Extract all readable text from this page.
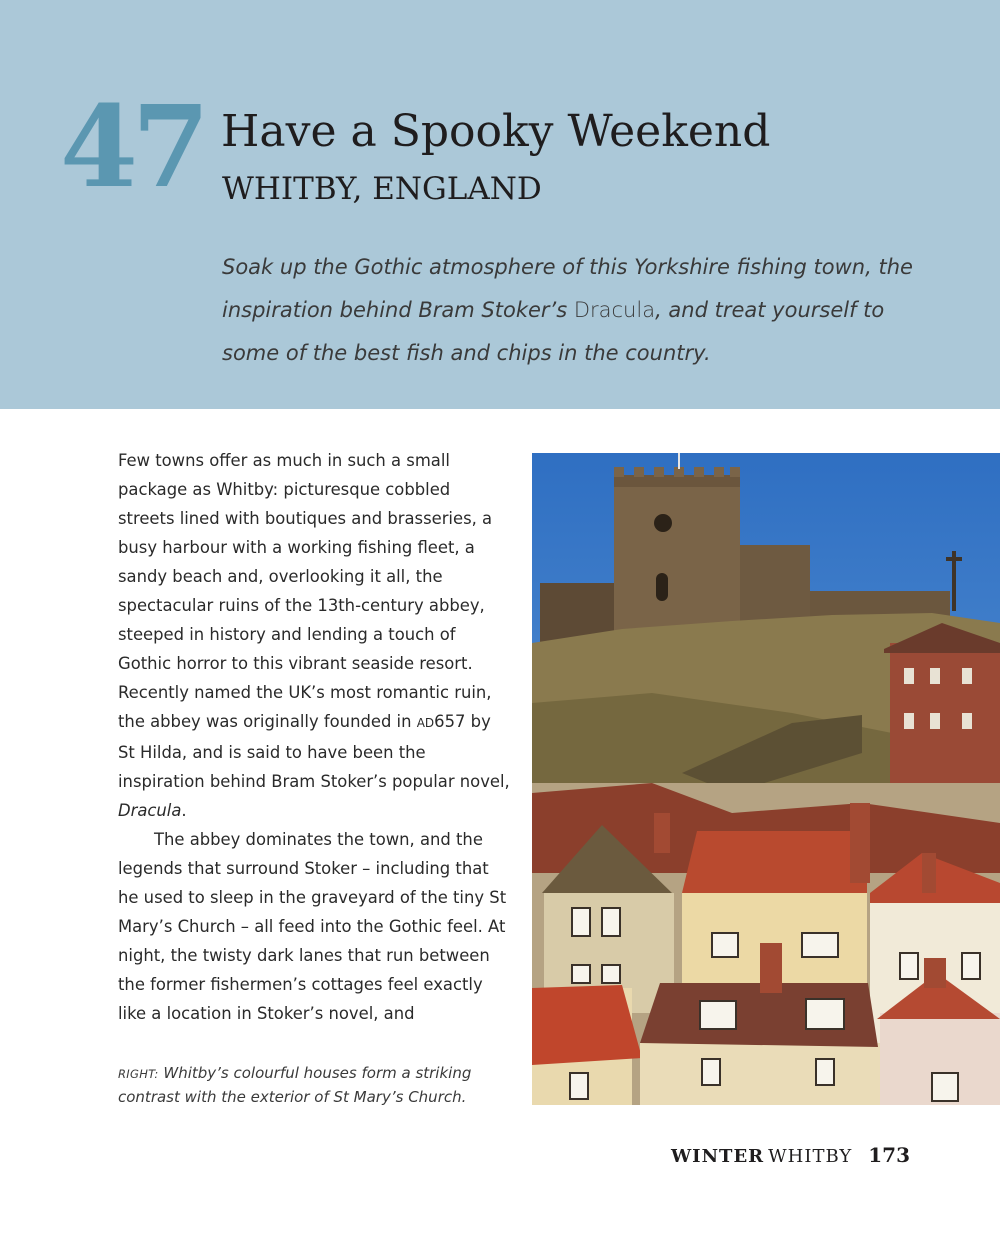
47 Have a Spooky Weekend
WHITBY, ENGLAND

Soak up the Gothic atmosphere of this Yorkshire fishing town, the inspiration behind Bram Stoker’s Dracula, and treat yourself to some of the best fish and chips in the country.

Few towns offer as much in such a small package as Whitby: picturesque cobbled streets lined with boutiques and brasseries, a busy harbour with a working fishing fleet, a sandy beach and, overlooking it all, the spectacular ruins of the 13th-century abbey, steeped in history and lending a touch of Gothic horror to this vibrant seaside resort. Recently named the UK’s most romantic ruin, the abbey was originally founded in AD657 by St Hilda, and is said to have been the inspiration behind Bram Stoker’s popular novel, Dracula.

The abbey dominates the town, and the legends that surround Stoker – including that he used to sleep in the graveyard of the tiny St Mary’s Church – all feed into the Gothic feel. At night, the twisty dark lanes that run between the former fishermen’s cottages feel exactly like a location in Stoker’s novel, and

RIGHT: Whitby’s colourful houses form a striking contrast with the exterior of St Mary’s Church.
WINTER WHITBY 173
